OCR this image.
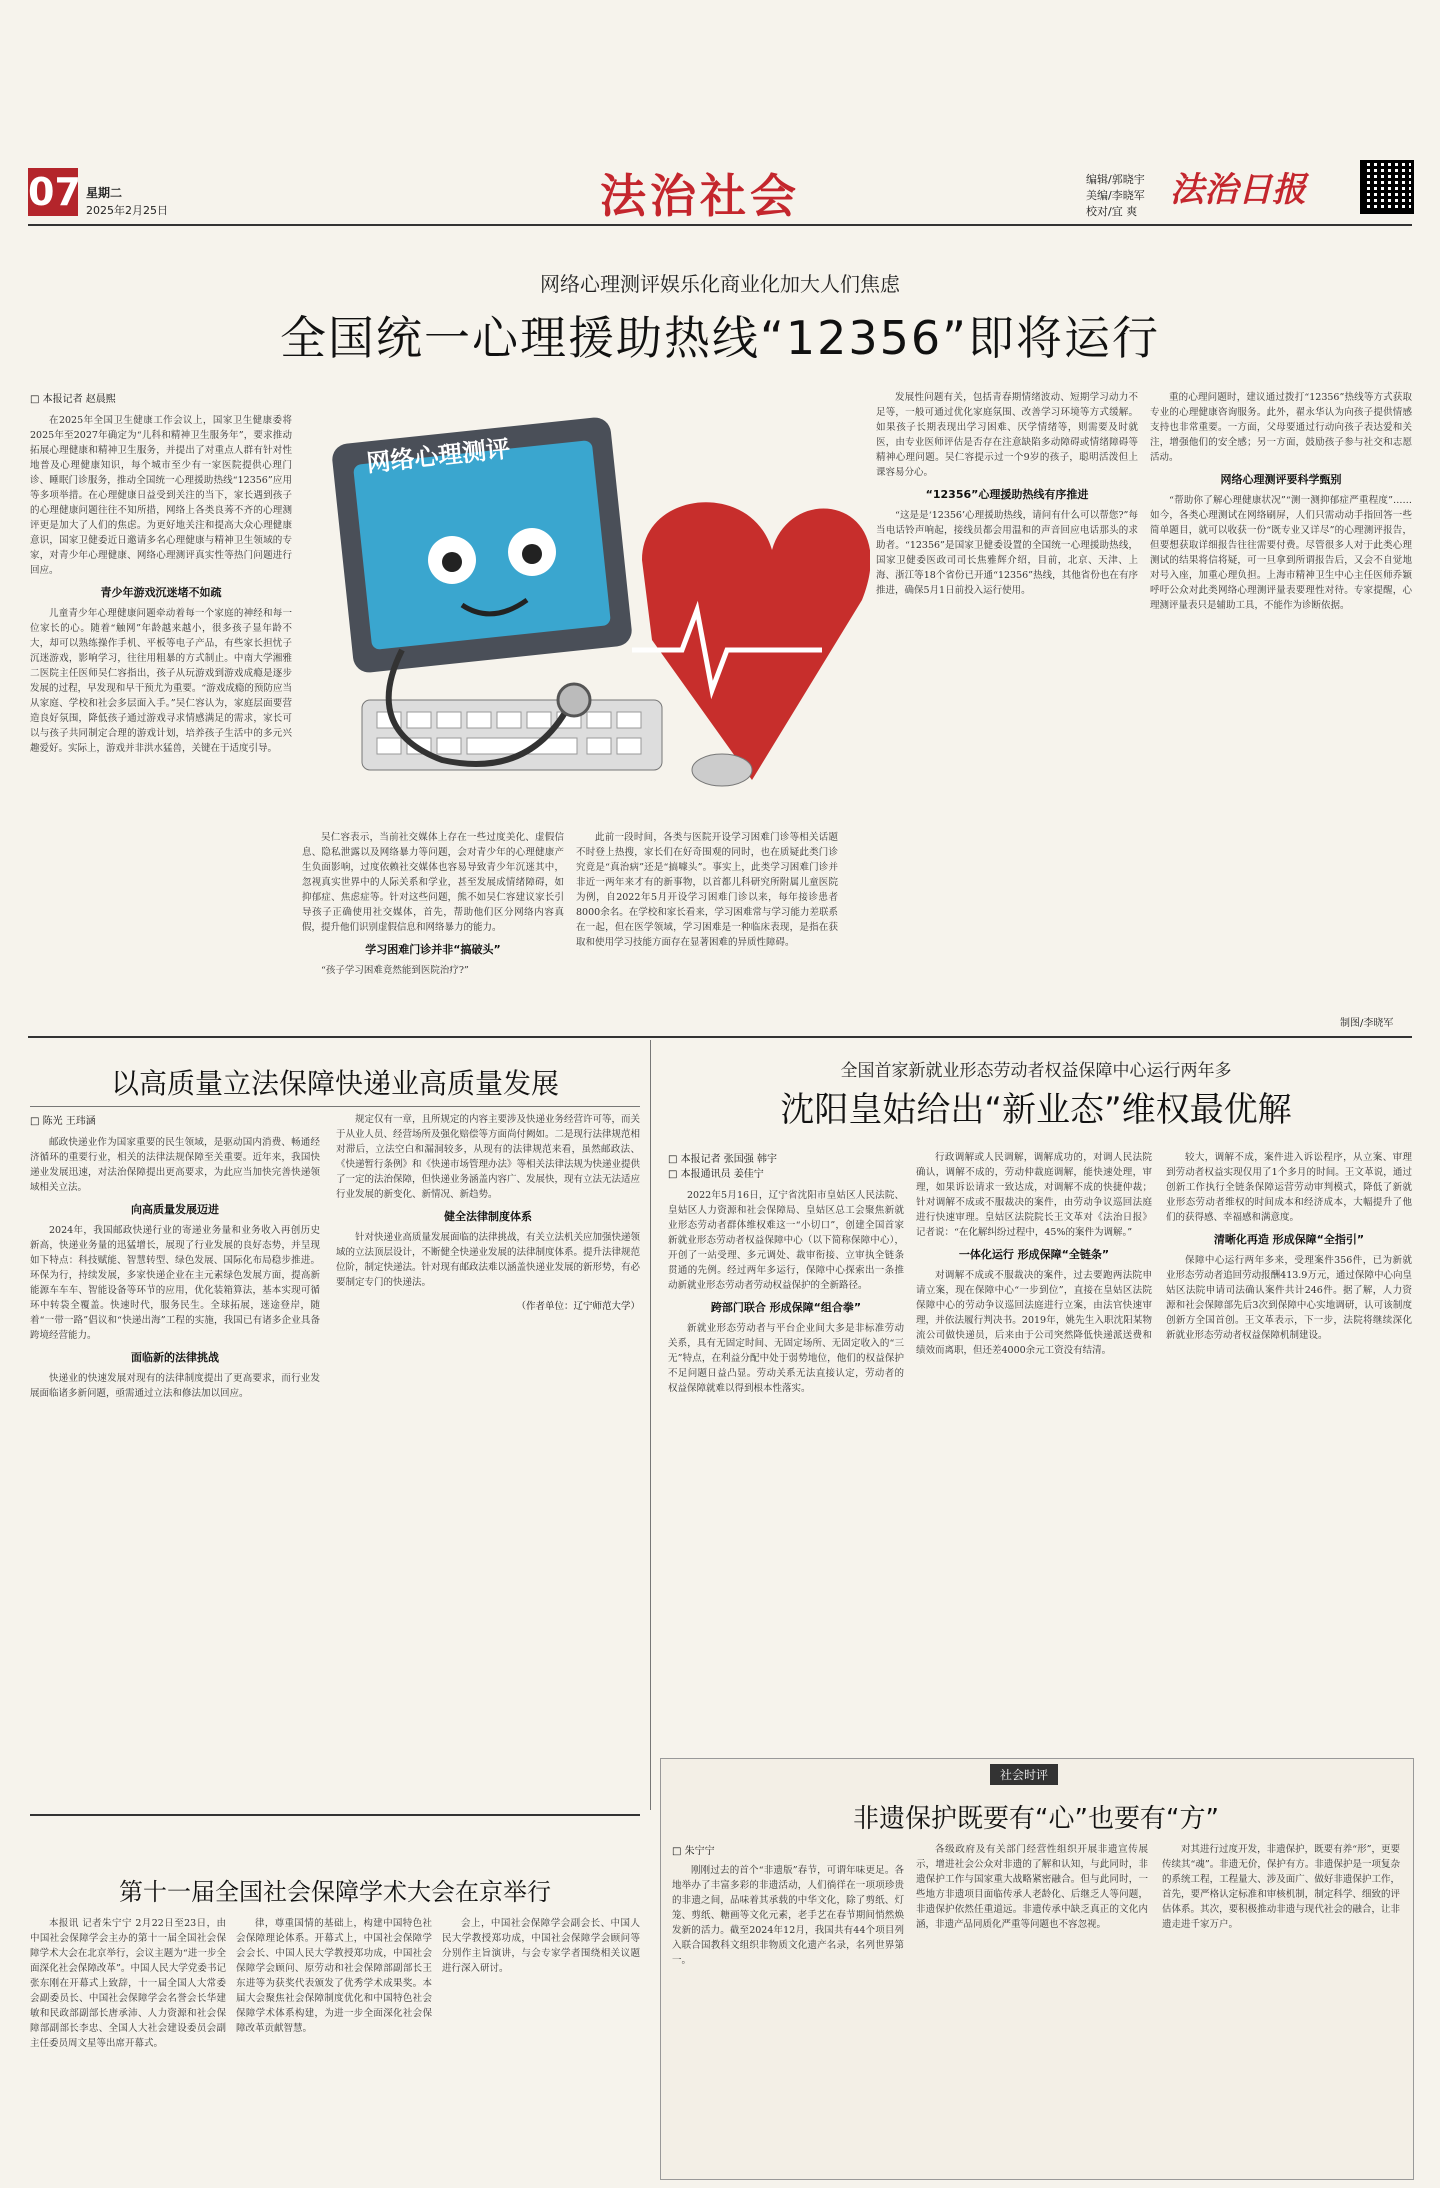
07 星期二
2025年2月25日	法治社会	编辑/郭晓宇
美编/李晓军
校对/宜 爽
法治日报
网络心理测评娱乐化商业化加大人们焦虑
全国统一心理援助热线“12356”即将运行
□ 本报记者 赵晨熙

在2025年全国卫生健康工作会议上，国家卫生健康委将2025年至2027年确定为“儿科和精神卫生服务年”，要求推动拓展心理健康和精神卫生服务，并提出了对重点人群有针对性地普及心理健康知识，每个城市至少有一家医院提供心理门诊、睡眠门诊服务，推动全国统一心理援助热线“12356”应用等多项举措。在心理健康日益受到关注的当下，家长遇到孩子的心理健康问题往往不知所措，网络上各类良莠不齐的心理测评更是加大了人们的焦虑。为更好地关注和提高大众心理健康意识，国家卫健委近日邀请多名心理健康与精神卫生领域的专家，对青少年心理健康、网络心理测评真实性等热门问题进行回应。

青少年游戏沉迷堵不如疏

儿童青少年心理健康问题牵动着每一个家庭的神经和每一位家长的心。随着“触网”年龄越来越小，很多孩子显年龄不大，却可以熟练操作手机、平板等电子产品，有些家长担忧子沉迷游戏，影响学习，往往用粗暴的方式制止。中南大学湘雅二医院主任医师吴仁容指出，孩子从玩游戏到游戏成瘾是逐步发展的过程，早发现和早干预尤为重要。“游戏成瘾的预防应当从家庭、学校和社会多层面入手。”吴仁容认为，家庭层面要营造良好氛围，降低孩子通过游戏寻求情感满足的需求，家长可以与孩子共同制定合理的游戏计划，培养孩子生活中的多元兴趣爱好。实际上，游戏并非洪水猛兽，关键在于适度引导。

网络心理测评

吴仁容表示，当前社交媒体上存在一些过度美化、虚假信息、隐私泄露以及网络暴力等问题，会对青少年的心理健康产生负面影响，过度依赖社交媒体也容易导致青少年沉迷其中，忽视真实世界中的人际关系和学业，甚至发展成情绪障碍，如抑郁症、焦虑症等。针对这些问题，熊不如吴仁容建议家长引导孩子正确使用社交媒体，首先，帮助他们区分网络内容真假，提升他们识别虚假信息和网络暴力的能力。

学习困难门诊并非“搞破头”

“孩子学习困难竟然能到医院治疗?”

此前一段时间，各类与医院开设学习困难门诊等相关话题不时登上热搜，家长们在好奇围观的同时，也在质疑此类门诊究竟是“真治病”还是“搞噱头”。事实上，此类学习困难门诊并非近一两年来才有的新事物，以首都儿科研究所附属儿童医院为例，自2022年5月开设学习困难门诊以来，每年接诊患者8000余名。在学校和家长看来，学习困难常与学习能力差联系在一起，但在医学领域，学习困难是一种临床表现，是指在获取和使用学习技能方面存在显著困难的异质性障碍。

发展性问题有关，包括青春期情绪波动、短期学习动力不足等，一般可通过优化家庭氛围、改善学习环境等方式缓解。如果孩子长期表现出学习困难、厌学情绪等，则需要及时就医，由专业医师评估是否存在注意缺陷多动障碍或情绪障碍等精神心理问题。吴仁容提示过一个9岁的孩子，聪明活泼但上课容易分心。

“12356”心理援助热线有序推进

“这是是‘12356’心理援助热线，请问有什么可以帮您?”每当电话铃声响起，接线员都会用温和的声音回应电话那头的求助者。“12356”是国家卫健委设置的全国统一心理援助热线，国家卫健委医政司司长焦雅辉介绍，目前，北京、天津、上海、浙江等18个省份已开通“12356”热线，其他省份也在有序推进，确保5月1日前投入运行使用。

重的心理问题时，建议通过拨打“12356”热线等方式获取专业的心理健康咨询服务。此外，翟永华认为向孩子提供情感支持也非常重要。一方面，父母要通过行动向孩子表达爱和关注，增强他们的安全感；另一方面，鼓励孩子参与社交和志愿活动。

网络心理测评要科学甄别

“帮助你了解心理健康状况”“测一测抑郁症严重程度”……如今，各类心理测试在网络刷屏，人们只需动动手指回答一些简单题目，就可以收获一份“既专业又详尽”的心理测评报告，但要想获取详细报告往往需要付费。尽管很多人对于此类心理测试的结果将信将疑，可一旦拿到所谓报告后，又会不自觉地对号入座，加重心理负担。上海市精神卫生中心主任医师乔颖呼吁公众对此类网络心理测评量表要理性对待。专家提醒，心理测评量表只是辅助工具，不能作为诊断依据。

制图/李晓军
以高质量立法保障快递业高质量发展
□ 陈光 王玮涵

邮政快递业作为国家重要的民生领域，是驱动国内消费、畅通经济循环的重要行业，相关的法律法规保障至关重要。近年来，我国快递业发展迅速，对法治保障提出更高要求，为此应当加快完善快递领域相关立法。

向高质量发展迈进

2024年，我国邮政快递行业的寄递业务量和业务收入再创历史新高，快递业务量的迅猛增长，展现了行业发展的良好态势，并呈现如下特点：科技赋能、智慧转型、绿色发展、国际化布局稳步推进。环保为行，持续发展，多家快递企业在主元素绿色发展方面，提高新能源车车车、智能设备等环节的应用，优化装箱算法，基本实现可循环中转袋全覆盖。快速时代，服务民生。全球拓展，迷途登岸，随着“一带一路”倡议和“快递出海”工程的实施，我国已有诸多企业具备跨境经营能力。

面临新的法律挑战

快递业的快速发展对现有的法律制度提出了更高要求，而行业发展面临诸多新问题，亟需通过立法和修法加以回应。

规定仅有一章，且所规定的内容主要涉及快递业务经营许可等，而关于从业人员、经营场所及强化赔偿等方面尚付阙如。二是现行法律规范相对滞后，立法空白和漏洞较多，从现有的法律规范来看，虽然邮政法、《快递暂行条例》和《快递市场管理办法》等相关法律法规为快递业提供了一定的法治保障，但快递业务涵盖内容广、发展快，现有立法无法适应行业发展的新变化、新情况、新趋势。

健全法律制度体系

针对快递业高质量发展面临的法律挑战，有关立法机关应加强快递领域的立法顶层设计，不断健全快递业发展的法律制度体系。提升法律规范位阶，制定快递法。针对现有邮政法难以涵盖快递业发展的新形势，有必要制定专门的快递法。

（作者单位：辽宁师范大学）
全国首家新就业形态劳动者权益保障中心运行两年多
沈阳皇姑给出“新业态”维权最优解
□ 本报记者 张国强 韩宇
□ 本报通讯员 姜佳宁

2022年5月16日，辽宁省沈阳市皇姑区人民法院、皇姑区人力资源和社会保障局、皇姑区总工会聚焦新就业形态劳动者群体维权难这一“小切口”，创建全国首家新就业形态劳动者权益保障中心（以下简称保障中心），开创了一站受理、多元调处、裁审衔接、立审执全链条贯通的先例。经过两年多运行，保障中心探索出一条推动新就业形态劳动者劳动权益保护的全新路径。

跨部门联合 形成保障“组合拳”

新就业形态劳动者与平台企业间大多是非标准劳动关系，具有无固定时间、无固定场所、无固定收入的“三无”特点，在利益分配中处于弱势地位，他们的权益保护不足问题日益凸显。劳动关系无法直接认定，劳动者的权益保障就难以得到根本性落实。

行政调解或人民调解，调解成功的，对调人民法院确认，调解不成的，劳动仲裁庭调解，能快速处理，审理，如果诉讼请求一致达成，对调解不成的快捷仲裁；针对调解不成或不服裁决的案件，由劳动争议巡回法庭进行快速审理。皇姑区法院院长王文革对《法治日报》记者说：“在化解纠纷过程中，45%的案件为调解。”

一体化运行 形成保障“全链条”

对调解不成或不服裁决的案件，过去要跑两法院申请立案，现在保障中心“一步到位”，直接在皇姑区法院保障中心的劳动争议巡回法庭进行立案，由法官快速审理，并依法履行判决书。2019年，姚先生入职沈阳某物流公司做快递员，后来由于公司突然降低快递派送费和绩效而离职，但还差4000余元工资没有结清。

较大，调解不成，案件进入诉讼程序，从立案、审理到劳动者权益实现仅用了1个多月的时间。王文革说，通过创新工作执行全链条保障运营劳动审判模式，降低了新就业形态劳动者维权的时间成本和经济成本，大幅提升了他们的获得感、幸福感和满意度。

清晰化再造 形成保障“全指引”

保障中心运行两年多来，受理案件356件，已为新就业形态劳动者追回劳动报酬413.9万元，通过保障中心向皇姑区法院申请司法确认案件共计246件。据了解，人力资源和社会保障部先后3次到保障中心实地调研，认可该制度创新方全国首创。王文革表示，下一步，法院将继续深化新就业形态劳动者权益保障机制建设。

社会时评
非遗保护既要有“心”也要有“方”
□ 朱宁宁

刚刚过去的首个“非遗版”春节，可谓年味更足。各地举办了丰富多彩的非遗活动，人们徜徉在一项项珍贵的非遗之间，品味着其承载的中华文化，除了剪纸、灯笼、剪纸、糖画等文化元素，老手艺在春节期间悄然焕发新的活力。截至2024年12月，我国共有44个项目列入联合国教科文组织非物质文化遗产名录，名列世界第一。

各级政府及有关部门经营性组织开展非遗宣传展示，增进社会公众对非遗的了解和认知，与此同时，非遗保护工作与国家重大战略紧密融合。但与此同时，一些地方非遗项目面临传承人老龄化、后继乏人等问题，非遗保护依然任重道远。非遗传承中缺乏真正的文化内涵，非遗产品同质化严重等问题也不容忽视。

对其进行过度开发，非遗保护，既要有养“形”，更要传续其“魂”。非遗无价，保护有方。非遗保护是一项复杂的系统工程，工程量大、涉及面广、做好非遗保护工作，首先，要严格认定标准和审核机制，制定科学、细致的评估体系。其次，要积极推动非遗与现代社会的融合，让非遗走进千家万户。

第十一届全国社会保障学术大会在京举行

本报讯 记者朱宁宁 2月22日至23日，由中国社会保障学会主办的第十一届全国社会保障学术大会在北京举行，会议主题为“进一步全面深化社会保障改革”。中国人民大学党委书记张东刚在开幕式上致辞，十一届全国人大常委会副委员长、中国社会保障学会名誉会长华建敏和民政部副部长唐承沛、人力资源和社会保障部副部长李忠、全国人大社会建设委员会副主任委员周文星等出席开幕式。

律，尊重国情的基础上，构建中国特色社会保障理论体系。开幕式上，中国社会保障学会会长、中国人民大学教授郑功成，中国社会保障学会顾问、原劳动和社会保障部副部长王东进等为获奖代表颁发了优秀学术成果奖。本届大会聚焦社会保障制度优化和中国特色社会保障学术体系构建，为进一步全面深化社会保障改革贡献智慧。

会上，中国社会保障学会副会长、中国人民大学教授郑功成，中国社会保障学会顾问等分别作主旨演讲，与会专家学者围绕相关议题进行深入研讨。
